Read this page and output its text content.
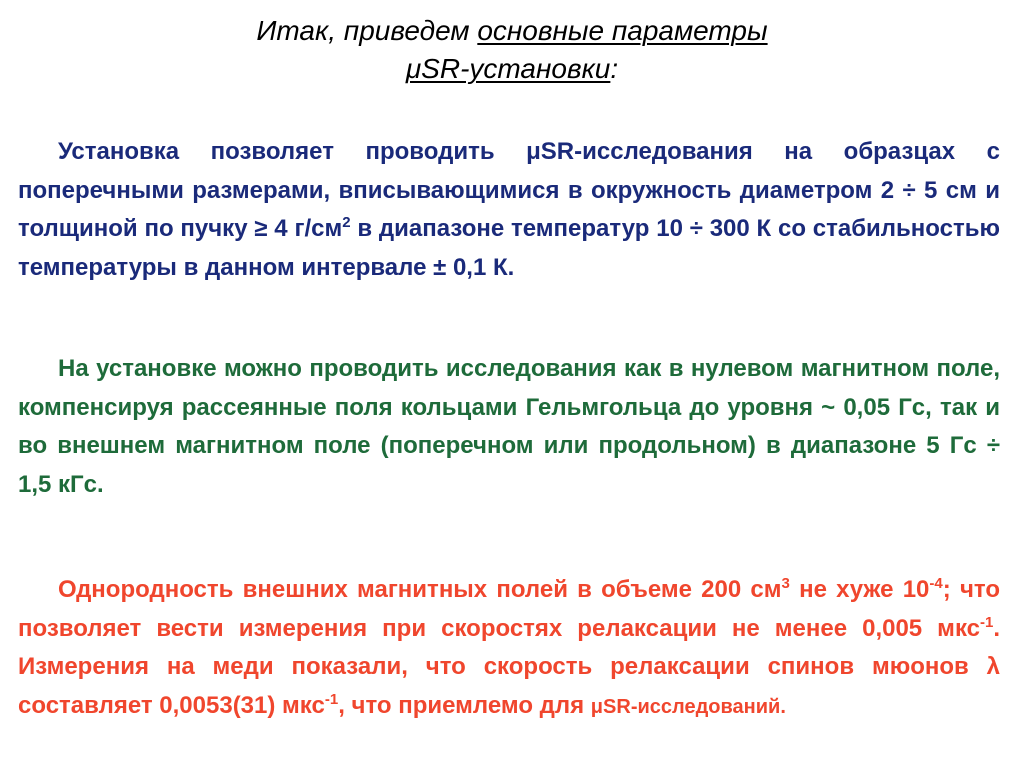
Итак, приведем основные параметры
μSR-установки:

Установка позволяет проводить μSR-исследования на образцах с поперечными размерами, вписывающимися в окружность диаметром 2 ÷ 5 см и толщиной по пучку ≥ 4 $г/см^2$ в диапазоне температур 10 ÷ 300 К со стабильностью температуры в данном интервале ± 0,1 К.

На установке можно проводить исследования как в нулевом магнитном поле, компенсируя рассеянные поля кольцами Гельмгольца до уровня ~ 0,05 Гс, так и во внешнем магнитном поле (поперечном или продольном) в диапазоне 5 Гс ÷ 1,5 кГс.

Однородность внешних магнитных полей в объеме 200 $см^3$ не хуже $10^{-4}$; что позволяет вести измерения при скоростях релаксации не менее 0,005 мкс$^{-1}$. Измерения на меди показали, что скорость релаксации спинов мюонов λ составляет 0,0053(31) мкс$^{-1}$, что приемлемо для μSR-исследований.
